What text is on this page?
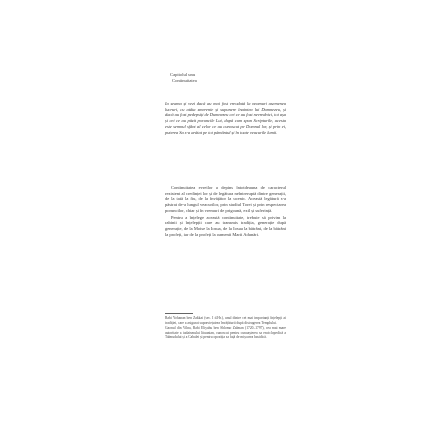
Capitolul unu
Continuitatea

Ia seama și vezi dacă au mai fost vreodată la neamuri asemenea lucruri, cu atâta smerenie și supunere înaintea lui Dumnezeu, și dacă au fost pedepsiți de Dumnezeu cei ce au fost nevrednici, tot așa și cei ce au păzit poruncile Lui, după cum spun Scripturile, acesta este semnul sfânt al celor ce au cunoscut pe Domnul lor, și prin ei, puterea Sa s-a arătat pe tot pământul și în toate veacurile lumii.

Continuitatea evreilor a depins întotdeauna de caracterul rezistent al credinței lor și de legătura neîntreruptă dintre generații, de la tată la fiu, de la învățător la ucenic. Această legătură s-a păstrat de-a lungul veacurilor, prin studiul Torei și prin respectarea poruncilor, chiar și în vremuri de prigoană, exil și suferință.

Pentru a înțelege această continuitate, trebuie să privim la rabinii și înțelepții care au transmis tradiția, generație după generație, de la Moise la Iosua, de la Iosua la bătrâni, de la bătrâni la profeți, iar de la profeți la oamenii Marii Adunări.

Rabi Yohanan ben Zakkai (sec. I d.Hr.), unul dintre cei mai importanți înțelepți ai tradiției, care a asigurat supraviețuirea învățăturii după distrugerea Templului.

Gaonul din Vilna, Rabi Eliyahu ben Shlomo Zalman (1720–1797), cea mai mare autoritate a iudaismului lituanian, cunoscut pentru cunoașterea sa enciclopedică a Talmudului și a Cabalei și pentru opoziția sa față de mișcarea hasidică.
